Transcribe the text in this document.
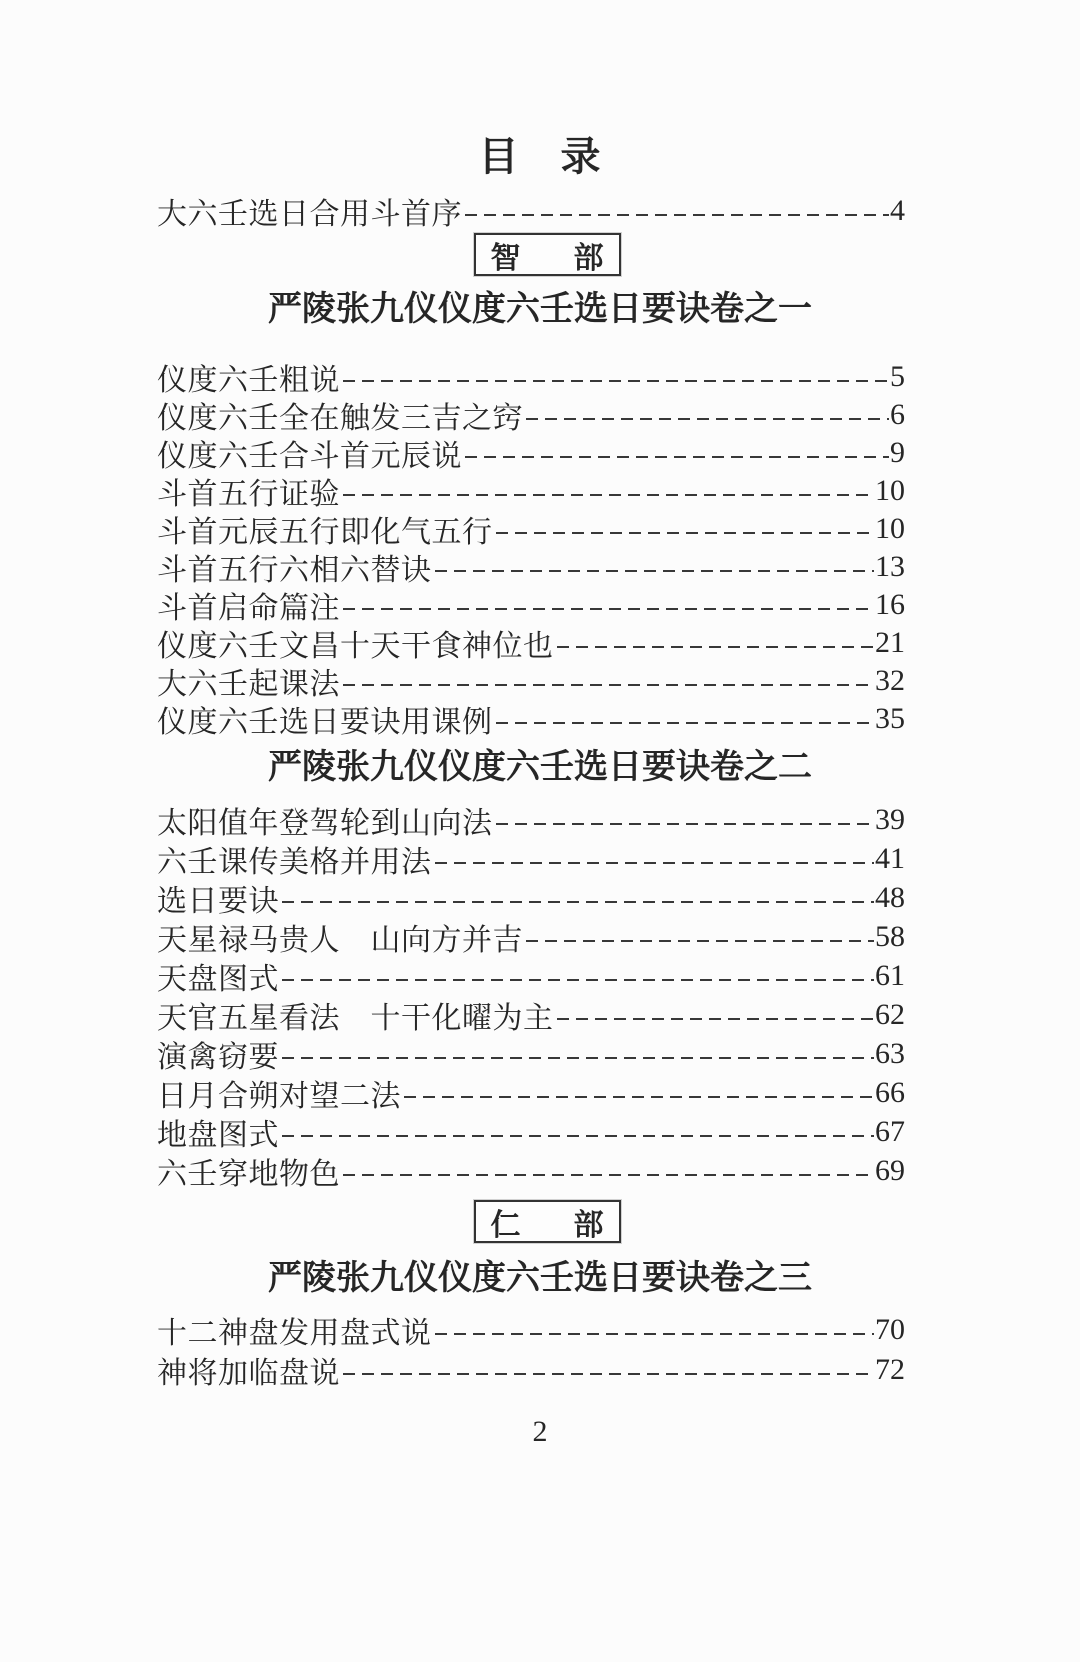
目　录
大六壬选日合用斗首序	4
智 部
严陵张九仪仪度六壬选日要诀卷之一
仪度六壬粗说	5
仪度六壬全在触发三吉之窍	6
仪度六壬合斗首元辰说	9
斗首五行证验	10
斗首元辰五行即化气五行	10
斗首五行六相六替诀	13
斗首启命篇注	16
仪度六壬文昌十天干食神位也	21
大六壬起课法	32
仪度六壬选日要诀用课例	35
严陵张九仪仪度六壬选日要诀卷之二
太阳值年登驾轮到山向法	39
六壬课传美格并用法	41
选日要诀	48
天星禄马贵人　山向方并吉	58
天盘图式	61
天官五星看法　十干化曜为主	62
演禽窃要	63
日月合朔对望二法	66
地盘图式	67
六壬穿地物色	69
仁 部
严陵张九仪仪度六壬选日要诀卷之三
十二神盘发用盘式说	70
神将加临盘说	72
2
